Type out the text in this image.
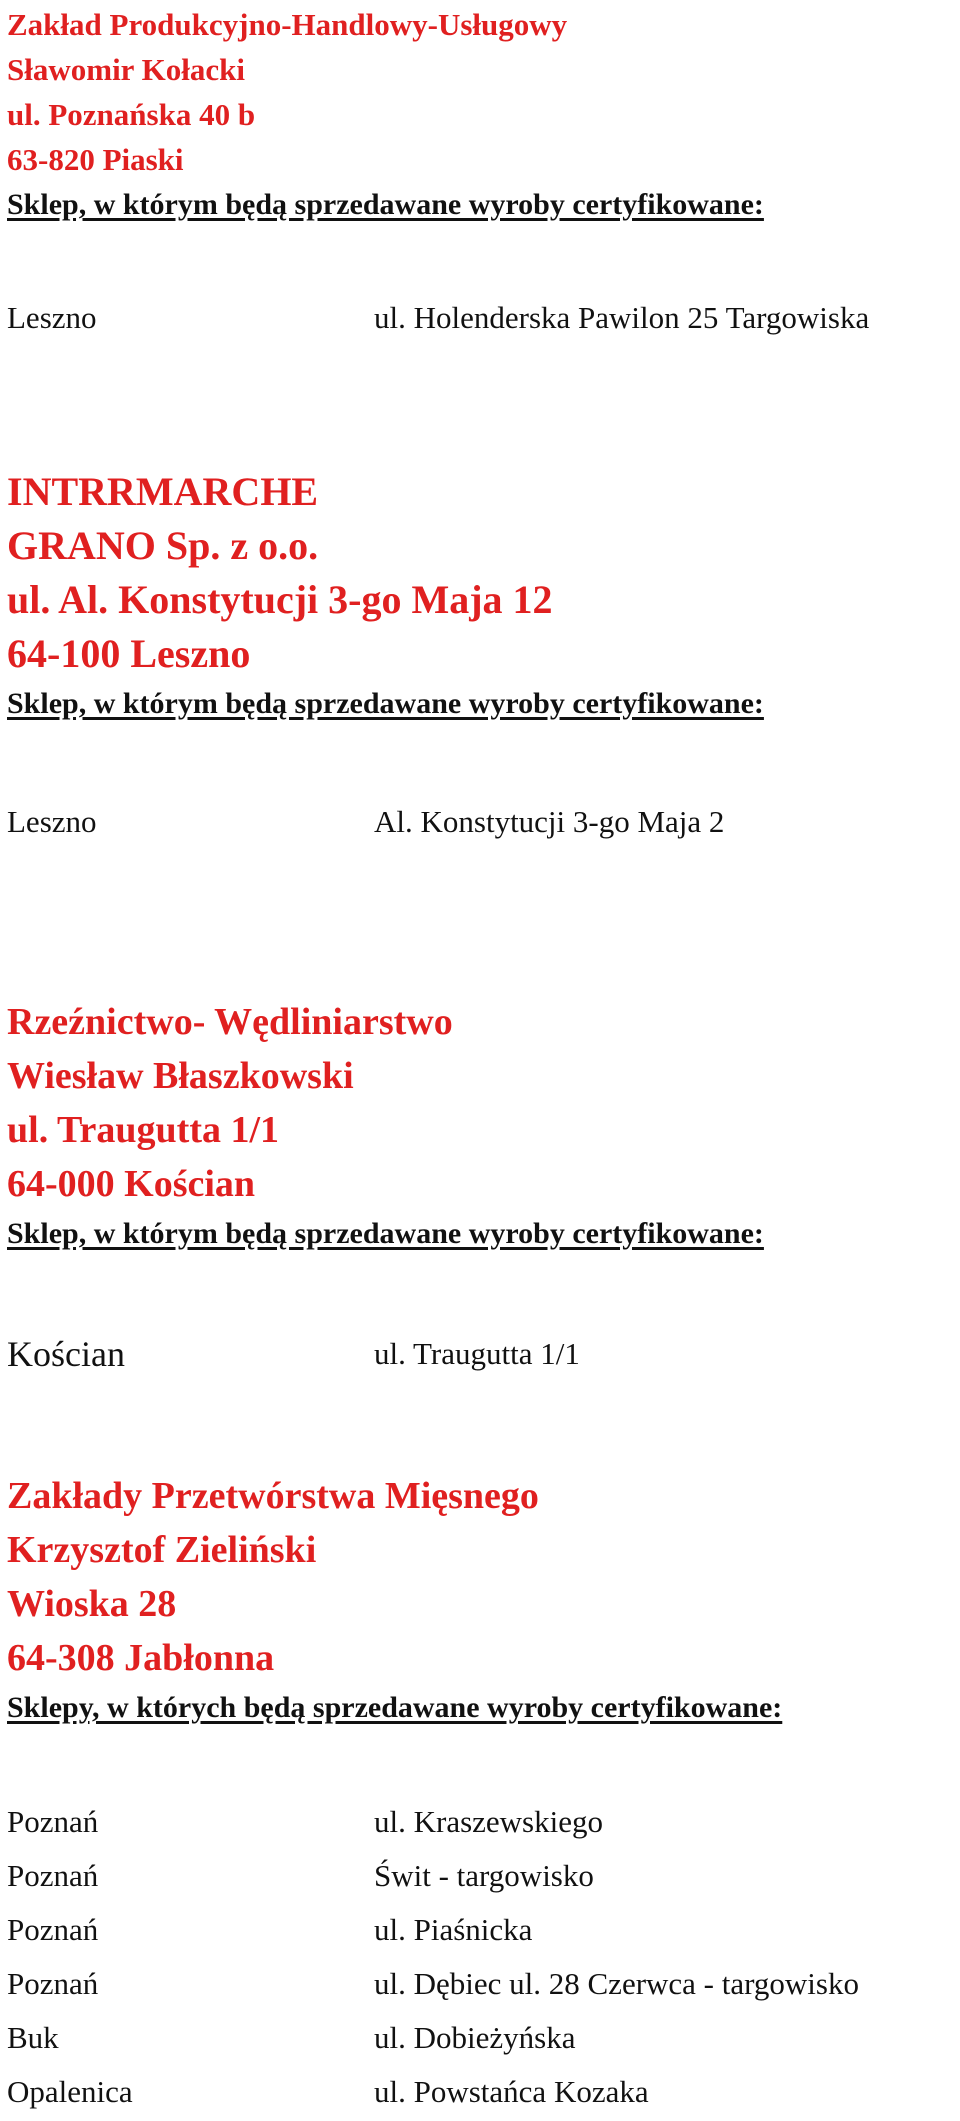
Zakład Produkcyjno-Handlowy-Usługowy
Sławomir Kołacki
ul. Poznańska 40 b
63-820 Piaski
Sklep, w którym będą sprzedawane wyroby certyfikowane:
Leszno	ul. Holenderska Pawilon 25 Targowiska
INTRRMARCHE
GRANO Sp. z o.o.
ul. Al. Konstytucji 3-go Maja 12
64-100 Leszno
Sklep, w którym będą sprzedawane wyroby certyfikowane:
Leszno	Al. Konstytucji 3-go Maja 2
Rzeźnictwo- Wędliniarstwo
Wiesław Błaszkowski
ul. Traugutta 1/1
64-000 Kościan
Sklep, w którym będą sprzedawane wyroby certyfikowane:
Kościan	ul. Traugutta 1/1
Zakłady Przetwórstwa Mięsnego
Krzysztof Zieliński
Wioska 28
64-308 Jabłonna
Sklepy, w których będą sprzedawane wyroby certyfikowane:
Poznań	ul. Kraszewskiego
Poznań	Świt - targowisko
Poznań	ul. Piaśnicka
Poznań	ul. Dębiec ul. 28 Czerwca - targowisko
Buk	ul. Dobieżyńska
Opalenica	ul. Powstańca Kozaka
